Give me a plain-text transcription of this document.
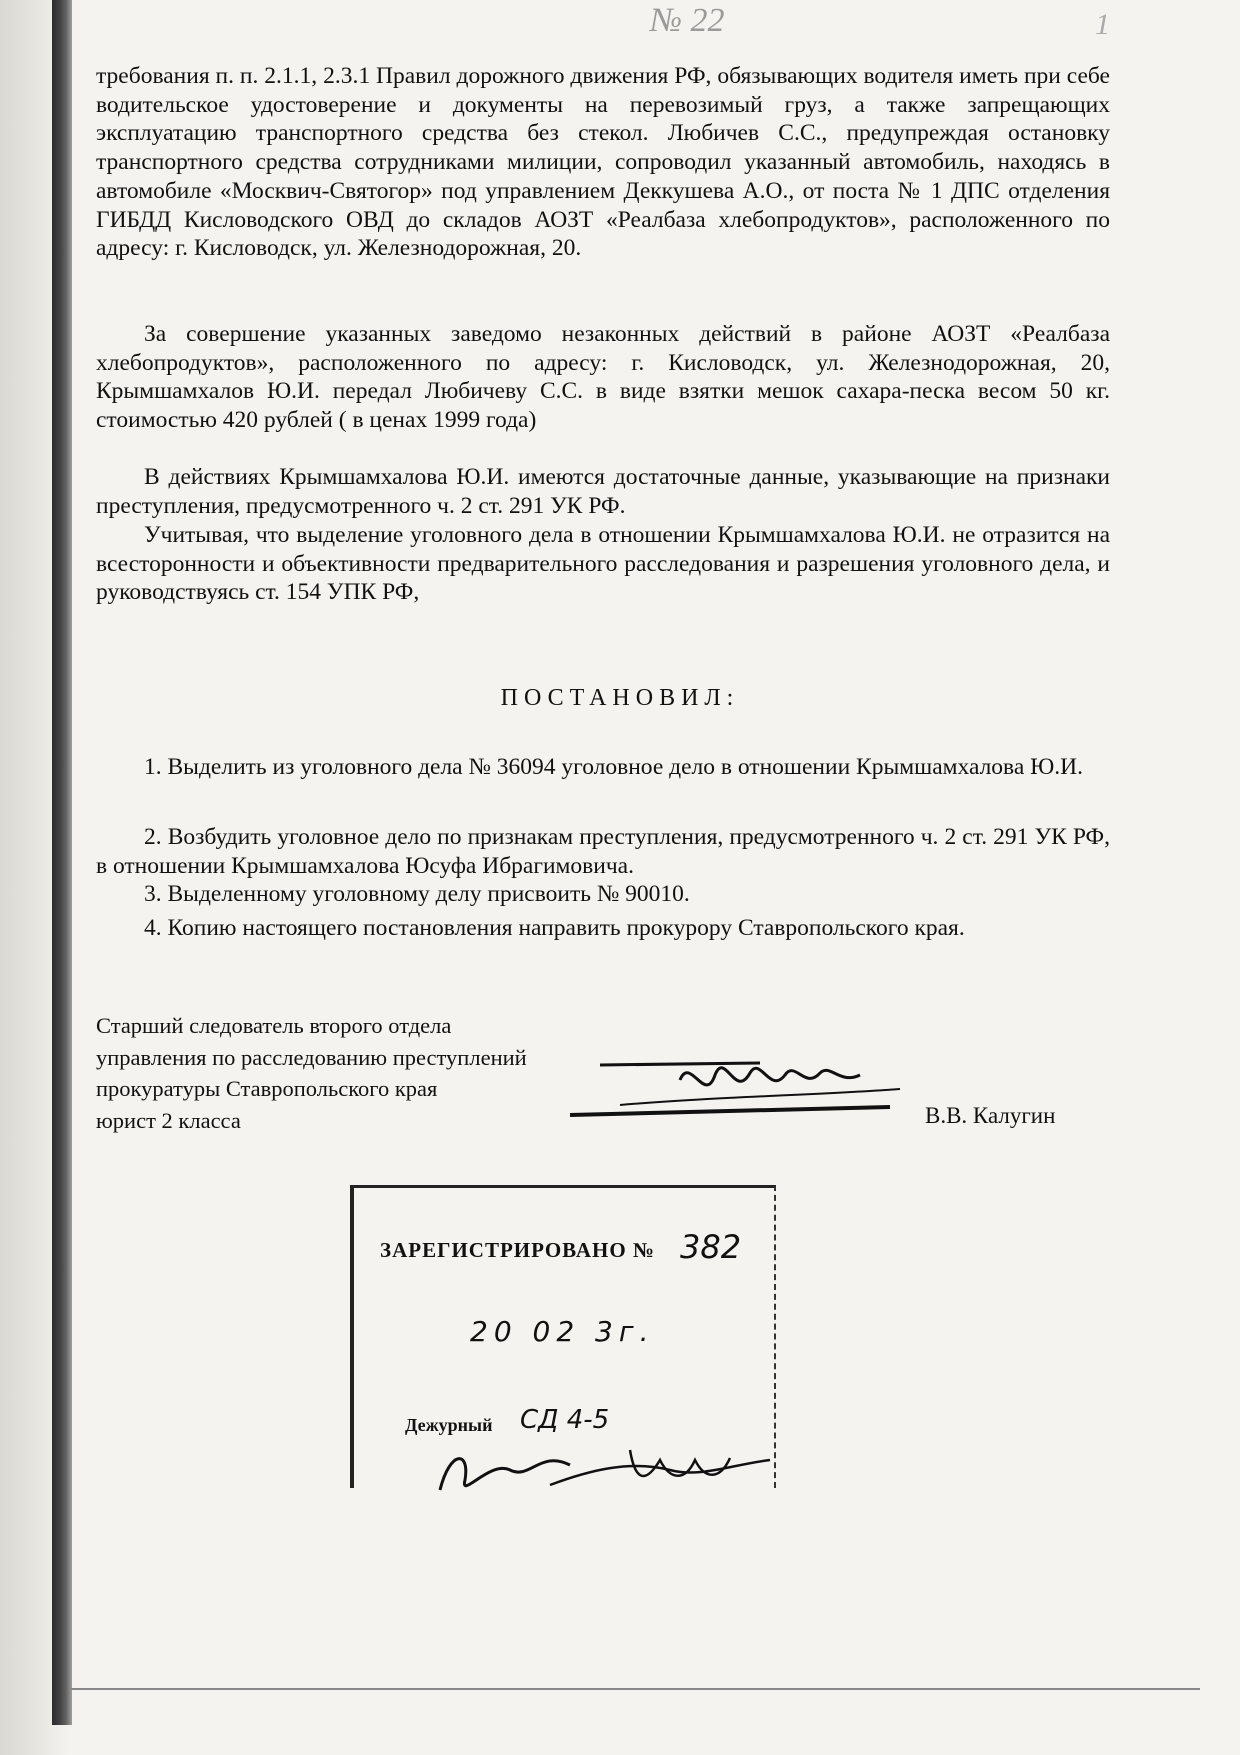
№ 22	1

требования п. п. 2.1.1, 2.3.1 Правил дорожного движения РФ, обязывающих водителя иметь при себе водительское удостоверение и документы на перевозимый груз, а также запрещающих эксплуатацию транспортного средства без стекол. Любичев С.С., предупреждая остановку транспортного средства сотрудниками милиции, сопроводил указанный автомобиль, находясь в автомобиле «Москвич-Святогор» под управлением Деккушева А.О., от поста № 1 ДПС отделения ГИБДД Кисловодского ОВД до складов АОЗТ «Реалбаза хлебопродуктов», расположенного по адресу: г. Кисловодск, ул. Железнодорожная, 20.

За совершение указанных заведомо незаконных действий в районе АОЗТ «Реалбаза хлебопродуктов», расположенного по адресу: г. Кисловодск, ул. Железнодорожная, 20, Крымшамхалов Ю.И. передал Любичеву С.С. в виде взятки мешок сахара-песка весом 50 кг. стоимостью 420 рублей ( в ценах 1999 года)

В действиях Крымшамхалова Ю.И. имеются достаточные данные, указывающие на признаки преступления, предусмотренного ч. 2 ст. 291 УК РФ.

Учитывая, что выделение уголовного дела в отношении Крымшамхалова Ю.И. не отразится на всесторонности и объективности предварительного расследования и разрешения уголовного дела, и руководствуясь ст. 154 УПК РФ,

ПОСТАНОВИЛ:

1. Выделить из уголовного дела № 36094 уголовное дело в отношении Крымшамхалова Ю.И.

2. Возбудить уголовное дело по признакам преступления, предусмотренного ч. 2 ст. 291 УК РФ, в отношении Крымшамхалова Юсуфа Ибрагимовича.

3. Выделенному уголовному делу присвоить № 90010.

4. Копию настоящего постановления направить прокурору Ставропольского края.

Старший следователь второго отдела
управления по расследованию преступлений
прокуратуры Ставропольского края
юрист 2 класса	В.В. Калугин
ЗАРЕГИСТРИРОВАНО № 382
20 02 3г.
Дежурный СД 4-5
